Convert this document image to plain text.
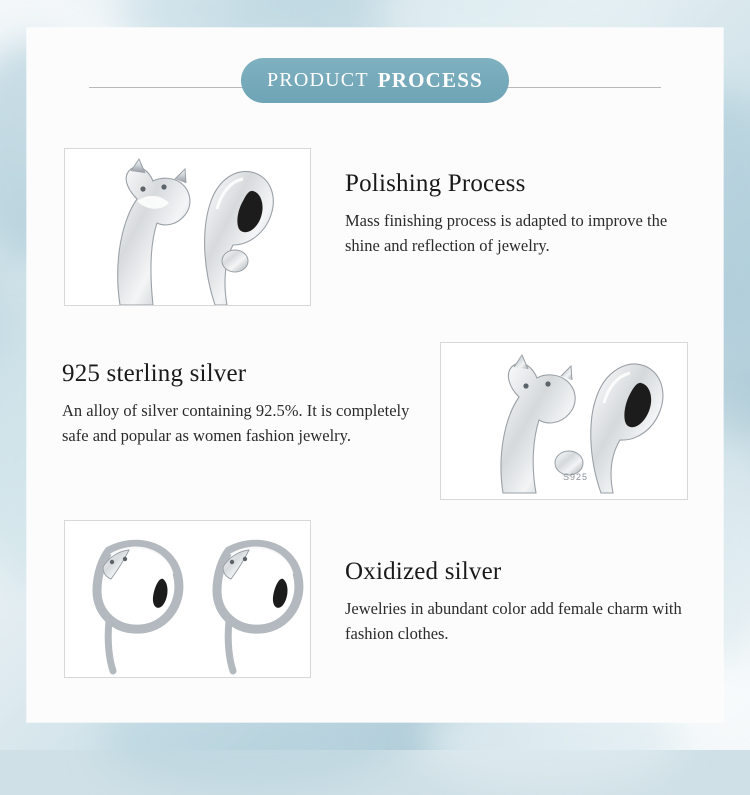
PRODUCT PROCESS
Polishing Process

Mass finishing process is adapted to improve the shine and reflection of jewelry.

S925
925 sterling silver

An alloy of silver containing 92.5%. It is completely safe and popular as women fashion jewelry.

Oxidized silver

Jewelries in abundant color add female charm with fashion clothes.
